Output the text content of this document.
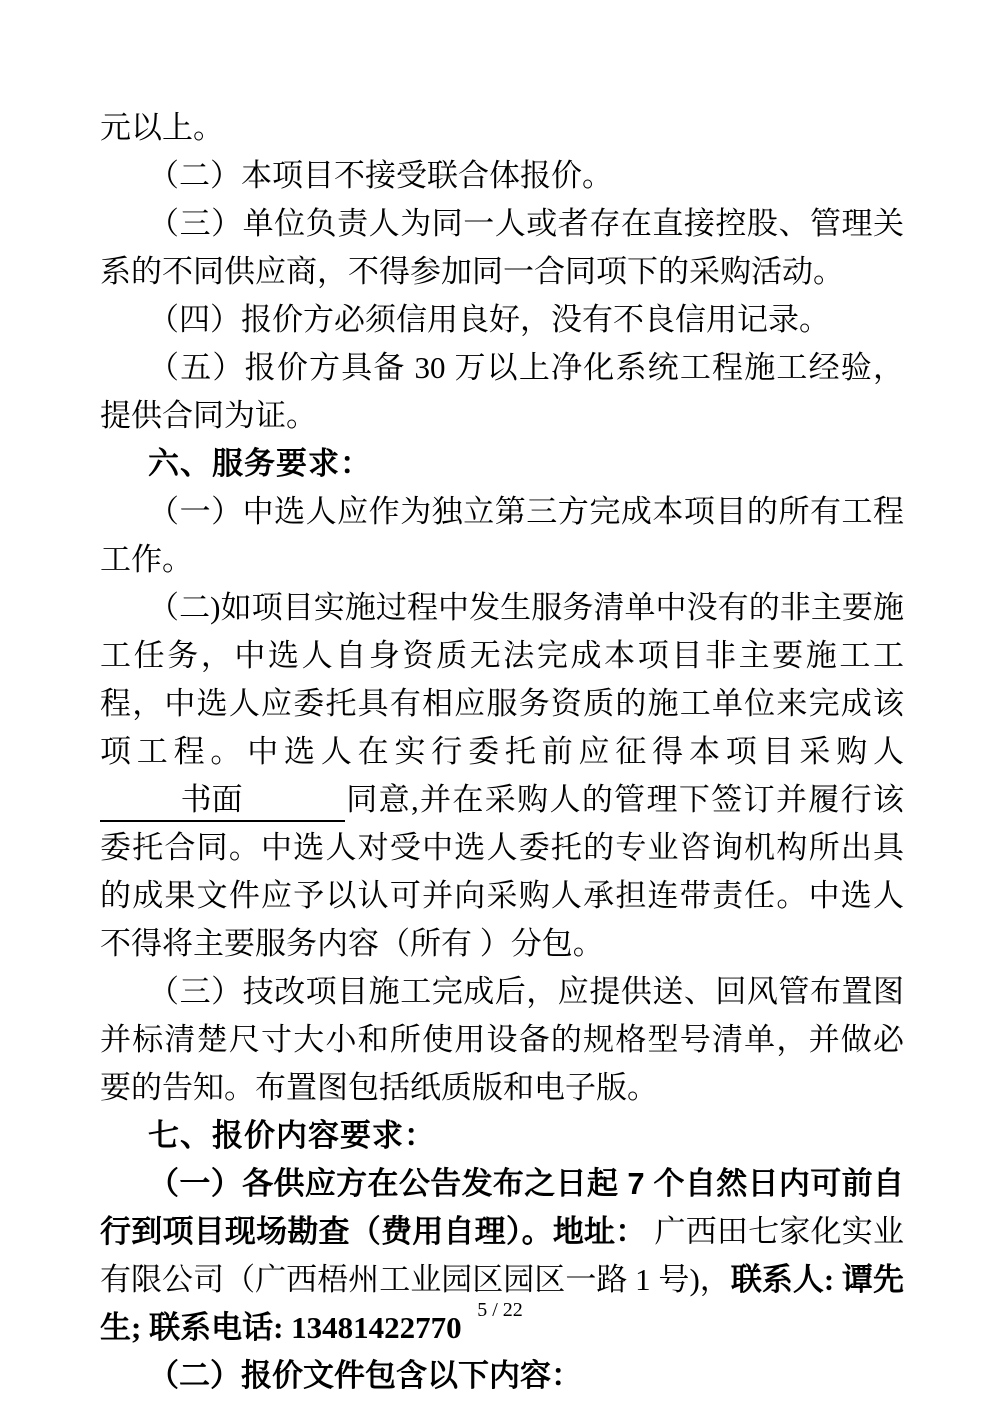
元以上。

（二）本项目不接受联合体报价。

（三）单位负责人为同一人或者存在直接控股、管理关系的不同供应商，不得参加同一合同项下的采购活动。

（四）报价方必须信用良好，没有不良信用记录。

（五）报价方具备 30 万以上净化系统工程施工经验，提供合同为证。

六、服务要求：

（一）中选人应作为独立第三方完成本项目的所有工程工作。

（二)如项目实施过程中发生服务清单中没有的非主要施工任务，中选人自身资质无法完成本项目非主要施工工程，中选人应委托具有相应服务资质的施工单位来完成该项工程。中选人在实行委托前应征得本项目采购人书面	同意,并在采购人的管理下签订并履行该委托合同。中选人对受中选人委托的专业咨询机构所出具的成果文件应予以认可并向采购人承担连带责任。中选人不得将主要服务内容（所有 ）分包。

（三）技改项目施工完成后，应提供送、回风管布置图并标清楚尺寸大小和所使用设备的规格型号清单，并做必要的告知。布置图包括纸质版和电子版。

七、报价内容要求：

（一）各供应方在公告发布之日起 7 个自然日内可前自行到项目现场勘查（费用自理）。地址： 广西田七家化实业有限公司（广西梧州工业园区园区一路 1 号)，联系人: 谭先生; 联系电话: 13481422770

（二）报价文件包含以下内容：

5 / 22
